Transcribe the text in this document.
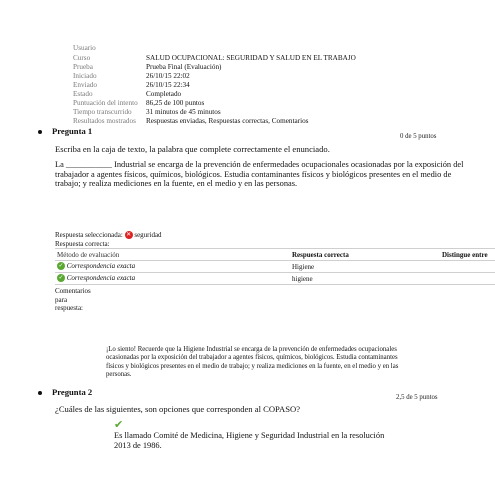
Usuario
Curso	SALUD OCUPACIONAL: SEGURIDAD Y SALUD EN EL TRABAJO
Prueba	Prueba Final (Evaluación)
Iniciado	26/10/15 22:02
Enviado	26/10/15 22:34
Estado	Completado
Puntuación del intento 86,25 de 100 puntos
Tiempo transcurrido 31 minutos de 45 minutos
Resultados mostrados Respuestas enviadas, Respuestas correctas, Comentarios
Pregunta 1
0 de 5 puntos
Escriba en la caja de texto, la palabra que complete correctamente el enunciado.
La ___________ Industrial se encarga de la prevención de enfermedades ocupacionales ocasionadas por la exposición del trabajador a agentes físicos, químicos, biológicos. Estudia contaminantes físicos y biológicos presentes en el medio de trabajo; y realiza mediciones en la fuente, en el medio y en las personas.
Respuesta seleccionada: ✕ seguridad
Respuesta correcta:
Método de evaluación	Respuesta correcta	Distingue entre
✓ Correspondencia exacta	Higiene
✓ Correspondencia exacta	higiene
Comentarios para respuesta:
¡Lo siento! Recuerde que la Higiene Industrial se encarga de la prevención de enfermedades ocupacionales ocasionadas por la exposición del trabajador a agentes físicos, químicos, biológicos. Estudia contaminantes físicos y biológicos presentes en el medio de trabajo; y realiza mediciones en la fuente, en el medio y en las personas.
Pregunta 2
2,5 de 5 puntos
¿Cuáles de las siguientes, son opciones que corresponden al COPASO?
✔
Es llamado Comité de Medicina, Higiene y Seguridad Industrial en la resolución 2013 de 1986.
